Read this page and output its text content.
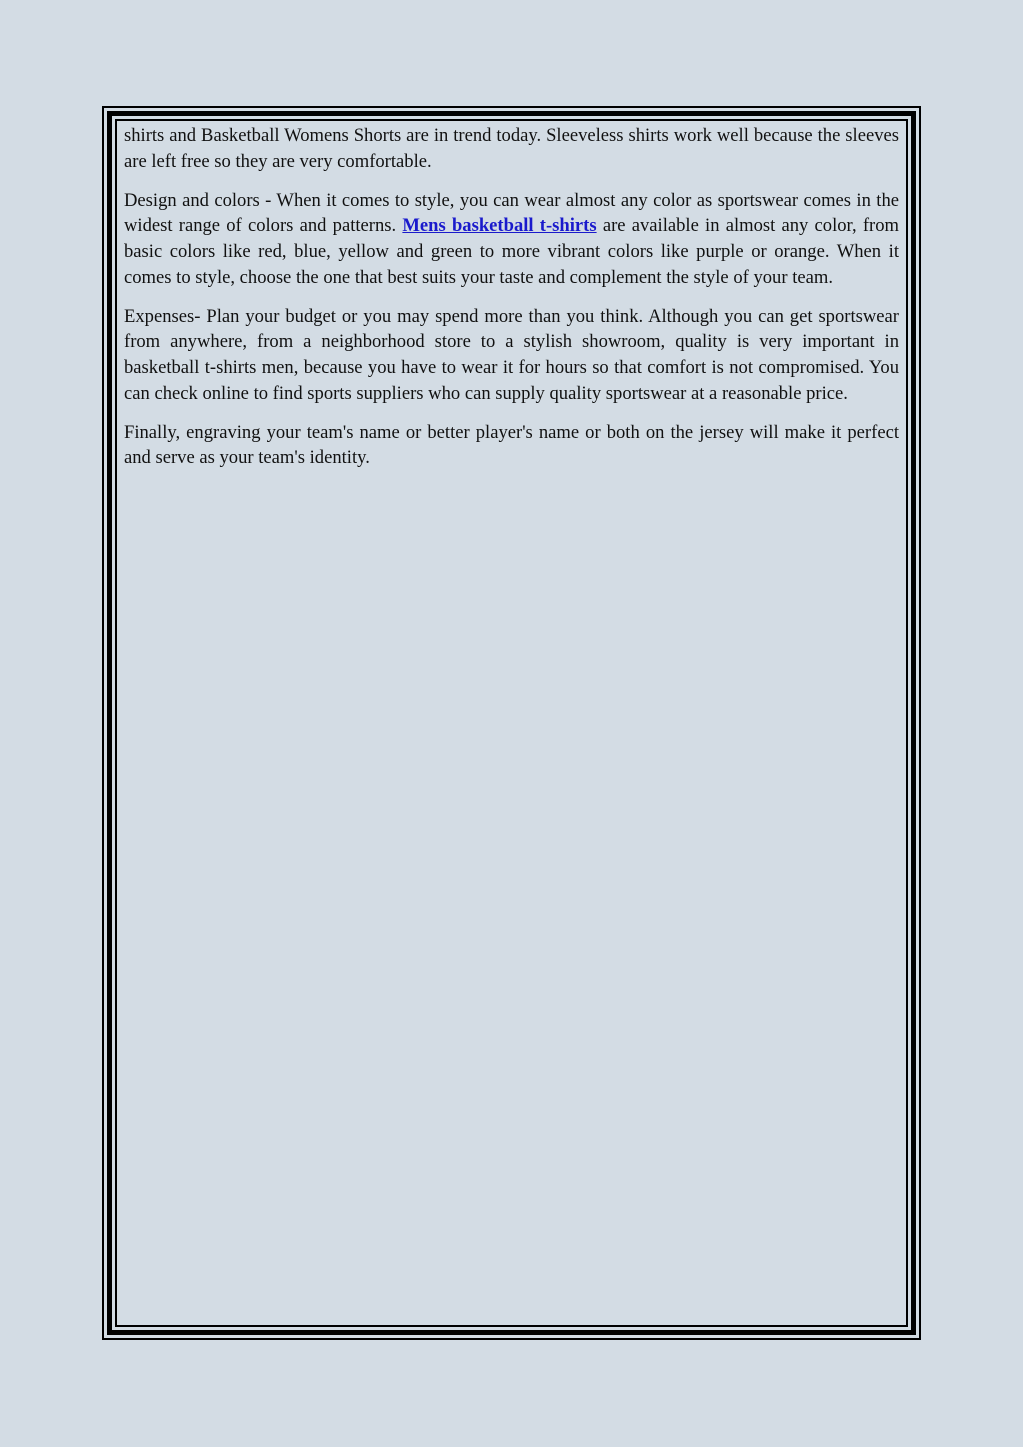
shirts and Basketball Womens Shorts are in trend today. Sleeveless shirts work well because the sleeves are left free so they are very comfortable.

Design and colors - When it comes to style, you can wear almost any color as sportswear comes in the widest range of colors and patterns. Mens basketball t-shirts are available in almost any color, from basic colors like red, blue, yellow and green to more vibrant colors like purple or orange. When it comes to style, choose the one that best suits your taste and complement the style of your team.

Expenses- Plan your budget or you may spend more than you think. Although you can get sportswear from anywhere, from a neighborhood store to a stylish showroom, quality is very important in basketball t-shirts men, because you have to wear it for hours so that comfort is not compromised. You can check online to find sports suppliers who can supply quality sportswear at a reasonable price.

Finally, engraving your team's name or better player's name or both on the jersey will make it perfect and serve as your team's identity.
